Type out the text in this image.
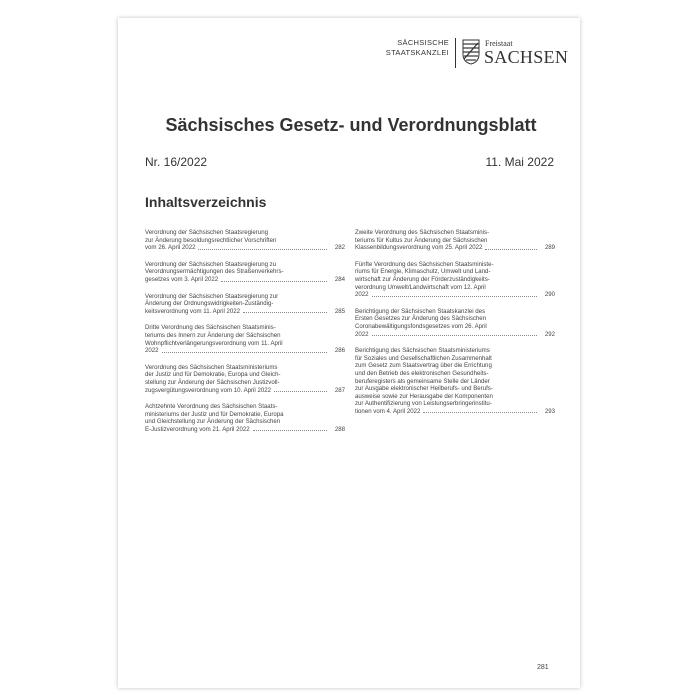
SÄCHSISCHE
STAATSKANZLEI
Freistaat
SACHSEN
Sächsisches Gesetz- und Verordnungsblatt
Nr. 16/2022	11. Mai 2022
Inhaltsverzeichnis
Verordnung der Sächsischen Staatsregierung
zur Änderung besoldungsrechtlicher Vorschriften
vom 26. April 2022	282
Verordnung der Sächsischen Staatsregierung zu
Verordnungsermächtigungen des Straßenverkehrs-
gesetzes vom 3. April 2022	284
Verordnung der Sächsischen Staatsregierung zur
Änderung der Ordnungswidrigkeiten-Zuständig-
keitsverordnung vom 11. April 2022	285
Dritte Verordnung des Sächsischen Staatsminis-
teriums des Innern zur Änderung der Sächsischen
Wohnpflichtverlängerungsverordnung vom 11. April
2022	286
Verordnung des Sächsischen Staatsministeriums
der Justiz und für Demokratie, Europa und Gleich-
stellung zur Änderung der Sächsischen Justizvoll-
zugsvergütungsverordnung vom 10. April 2022	287
Achtzehnte Verordnung des Sächsischen Staats-
ministeriums der Justiz und für Demokratie, Europa
und Gleichstellung zur Änderung der Sächsischen
E-Justizverordnung vom 21. April 2022	288
Zweite Verordnung des Sächsischen Staatsminis-
teriums für Kultus zur Änderung der Sächsischen
Klassenbildungsverordnung vom 25. April 2022	289
Fünfte Verordnung des Sächsischen Staatsministe-
riums für Energie, Klimaschutz, Umwelt und Land-
wirtschaft zur Änderung der Förderzuständigkeits-
verordnung Umwelt/Landwirtschaft vom 12. April
2022	290
Berichtigung der Sächsischen Staatskanzlei des
Ersten Gesetzes zur Änderung des Sächsischen
Coronabewältigungsfondsgesetzes vom 26. April
2022	292
Berichtigung des Sächsischen Staatsministeriums
für Soziales und Gesellschaftlichen Zusammenhalt
zum Gesetz zum Staatsvertrag über die Errichtung
und den Betrieb des elektronischen Gesundheits-
beruferegisters als gemeinsame Stelle der Länder
zur Ausgabe elektronischer Heilberufs- und Berufs-
ausweise sowie zur Herausgabe der Komponenten
zur Authentifizierung von Leistungserbringerinstitu-
tionen vom 4. April 2022	293
281
